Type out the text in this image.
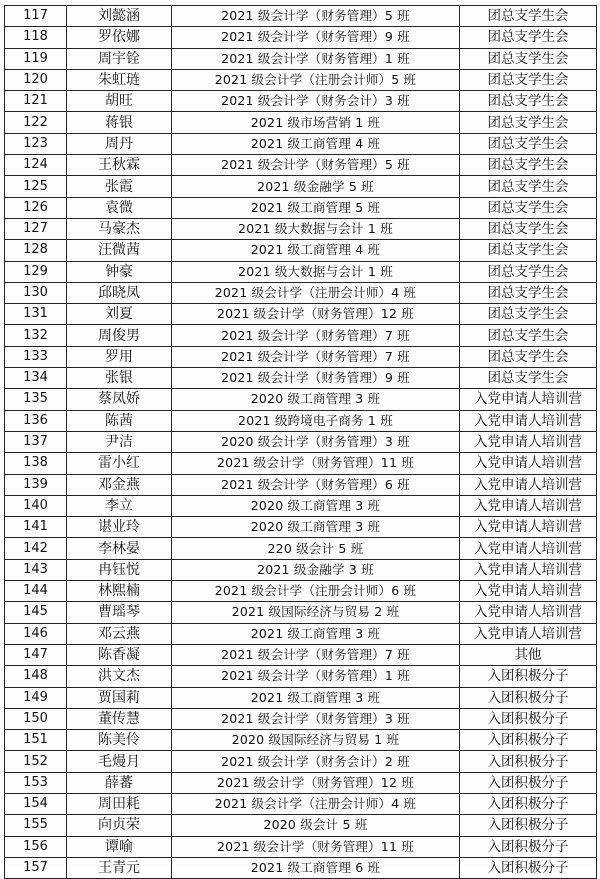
117	刘懿涵	2021 级会计学（财务管理）5 班	团总支学生会
118	罗依娜	2021 级会计学（财务管理）9 班	团总支学生会
119	周宇铨	2021 级会计学（财务管理）1 班	团总支学生会
120	朱虹琏	2021 级会计学（注册会计师）5 班	团总支学生会
121	胡旺	2021 级会计学（财务会计）3 班	团总支学生会
122	蒋银	2021 级市场营销 1 班	团总支学生会
123	周丹	2021 级工商管理 4 班	团总支学生会
124	王秋霖	2021 级会计学（财务管理）5 班	团总支学生会
125	张霞	2021 级金融学 5 班	团总支学生会
126	袁微	2021 级工商管理 5 班	团总支学生会
127	马豪杰	2021 级大数据与会计 1 班	团总支学生会
128	汪微茜	2021 级工商管理 4 班	团总支学生会
129	钟豪	2021 级大数据与会计 1 班	团总支学生会
130	邱晓凤	2021 级会计学（注册会计师）4 班	团总支学生会
131	刘夏	2021 级会计学（财务管理）12 班	团总支学生会
132	周俊男	2021 级会计学（财务管理）7 班	团总支学生会
133	罗用	2021 级会计学（财务管理）7 班	团总支学生会
134	张银	2021 级会计学（财务管理）9 班	团总支学生会
135	蔡凤娇	2020 级工商管理 3 班	入党申请人培训营
136	陈茜	2021 级跨境电子商务 1 班	入党申请人培训营
137	尹洁	2020 级会计学（财务管理）3 班	入党申请人培训营
138	雷小红	2021 级会计学（财务管理）11 班	入党申请人培训营
139	邓金燕	2021 级会计学（财务管理）6 班	入党申请人培训营
140	李立	2020 级工商管理 3 班	入党申请人培训营
141	谌业玲	2020 级工商管理 3 班	入党申请人培训营
142	李林晏	220 级会计 5 班	入党申请人培训营
143	冉钰悦	2021 级金融学 3 班	入党申请人培训营
144	林熙楠	2021 级会计学（注册会计师）6 班	入党申请人培训营
145	曹瑶琴	2021 级国际经济与贸易 2 班	入党申请人培训营
146	邓云燕	2021 级工商管理 3 班	入党申请人培训营
147	陈香凝	2021 级会计学（财务管理）7 班	其他
148	洪文杰	2021 级会计学（财务管理）1 班	入团积极分子
149	贾国莉	2021 级工商管理 3 班	入团积极分子
150	董传慧	2021 级会计学（财务管理）3 班	入团积极分子
151	陈美伶	2020 级国际经济与贸易 1 班	入团积极分子
152	毛熳月	2021 级会计学（财务会计）2 班	入团积极分子
153	薛蕃	2021 级会计学（财务管理）12 班	入团积极分子
154	周田耗	2021 级会计学（注册会计师）4 班	入团积极分子
155	向贞荣	2020 级会计 5 班	入团积极分子
156	谭喻	2021 级会计学（财务管理）11 班	入团积极分子
157	王青元	2021 级工商管理 6 班	入团积极分子
